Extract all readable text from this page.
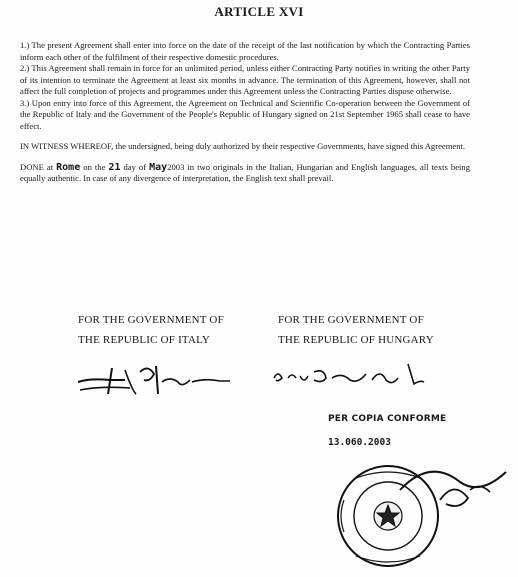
ARTICLE XVI

1.) The present Agreement shall enter into force on the date of the receipt of the last notification by which the Contracting Parties inform each other of the fulfilment of their respective domestic procedures.

2.) This Agreement shall remain in force for an unlimited period, unless either Contracting Party notifies in writing the other Party of its intention to terminate the Agreement at least six months in advance. The termination of this Agreement, however, shall not affect the full completion of projects and programmes under this Agreement unless the Contracting Parties dispose otherwise.

3.) Upon entry into force of this Agreement, the Agreement on Technical and Scientific Co-operation between the Government of the Republic of Italy and the Government of the People's Republic of Hungary signed on 21st September 1965 shall cease to have effect.

IN WITNESS WHEREOF, the undersigned, being duly authorized by their respective Governments, have signed this Agreement.

DONE at Rome on the 21 day of May2003 in two originals in the Italian, Hungarian and English languages, all texts being equally authentic. In case of any divergence of interpretation, the English text shall prevail.

FOR THE GOVERNMENT OF
THE REPUBLIC OF ITALY
FOR THE GOVERNMENT OF
THE REPUBLIC OF HUNGARY
PER COPIA CONFORME
13.060.2003
